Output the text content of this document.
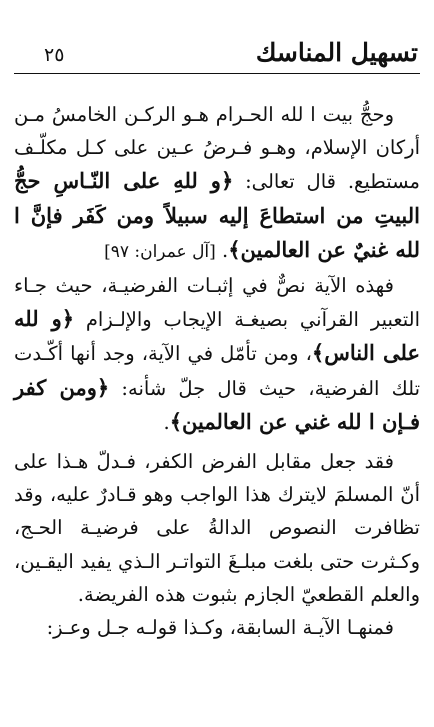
تسهيل المناسك
٢٥

وحجُّ بيت ا لله الحـرام هـو الركـن الخامسُ مـن أركان الإسلام، وهـو فـرضُ عـين على كـل مكلّـف مستطيع. قال تعالى: ﴿و للهِ على النّـاسِ حجُّ البيتِ من استطاعَ إليه سبيلاً ومن كَفَر فإنَّ ا لله غنيٌ عن العالمين﴾. [آل عمران: ٩٧]

فهذه الآية نصٌّ في إثبـات الفرضيـة، حيث جـاء التعبير القرآني بصيغـة الإيجاب والإلـزام ﴿و لله على الناس﴾، ومن تأمّل في الآية، وجد أنها أكّـدت تلك الفرضية، حيث قال جلّ شأنه: ﴿ومن كفر فـإن ا لله غني عن العالمين﴾.

فقد جعل مقابل الفرض الكفر، فـدلّ هـذا على أنّ المسلمَ لايترك هذا الواجب وهو قـادرٌ عليه، وقد تظافرت النصوص الدالةُ على فرضيـة الحـج، وكـثرت حتى بلغت مبلـغَ التواتـر الـذي يفيد اليقـين، والعلم القطعيّ الجازم بثبوت هذه الفريضة.

فمنهـا الآيـة السابقة، وكـذا قولـه جـل وعـز:
